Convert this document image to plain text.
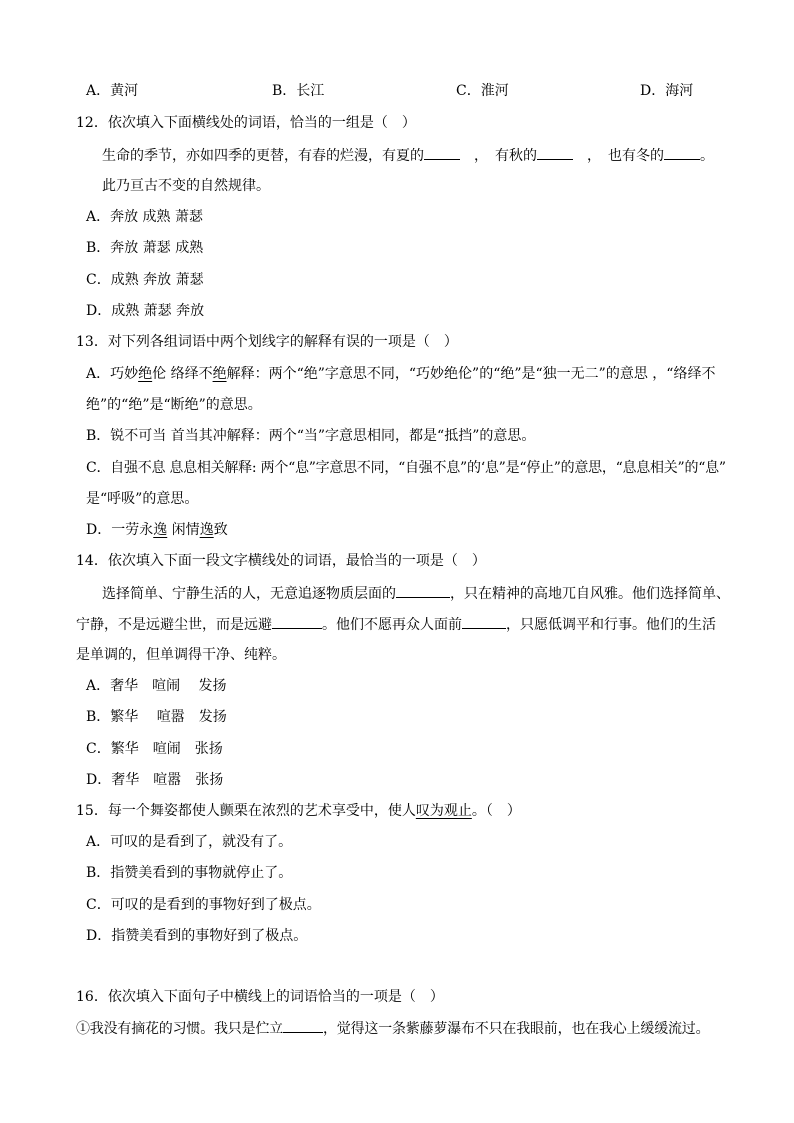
A．黄河	B．长江	C．淮河	D．海河
12．依次填入下面横线处的词语，恰当的一组是（　）
生命的季节，亦如四季的更替，有春的烂漫，有夏的	，　有秋的	，　也有冬的	。
此乃亘古不变的自然规律。
A．奔放 成熟 萧瑟
B．奔放 萧瑟 成熟
C．成熟 奔放 萧瑟
D．成熟 萧瑟 奔放
13．对下列各组词语中两个划线字的解释有误的一项是（　）
A．巧妙绝伦 络绎不绝解释：两个“绝”字意思不同，“巧妙绝伦”的“绝”是“独一无二”的意思 ，“络绎不
绝”的“绝”是“断绝”的意思。
B．锐不可当 首当其冲解释：两个“当”字意思相同，都是“抵挡”的意思。
C．自强不息 息息相关解释: 两个“息”字意思不同，“自强不息”的‘息”是“停止”的意思，“息息相关”的“息”
是“呼吸”的意思。
D．一劳永逸 闲情逸致
14．依次填入下面一段文字横线处的词语，最恰当的一项是（　）
选择简单、宁静生活的人，无意追逐物质层面的	，只在精神的高地兀自风雅。他们选择简单、
宁静，不是远避尘世，而是远避	。他们不愿再众人面前	，只愿低调平和行事。他们的生活
是单调的，但单调得干净、纯粹。
A．奢华　喧闹　 发扬
B．繁华　 喧嚣　发扬
C．繁华　喧闹　张扬
D．奢华　喧嚣　张扬
15．每一个舞姿都使人颤栗在浓烈的艺术享受中，使人叹为观止。（　）
A．可叹的是看到了，就没有了。
B．指赞美看到的事物就停止了。
C．可叹的是看到的事物好到了极点。
D．指赞美看到的事物好到了极点。
16．依次填入下面句子中横线上的词语恰当的一项是（　）
①我没有摘花的习惯。我只是伫立	，觉得这一条紫藤萝瀑布不只在我眼前，也在我心上缓缓流过。
